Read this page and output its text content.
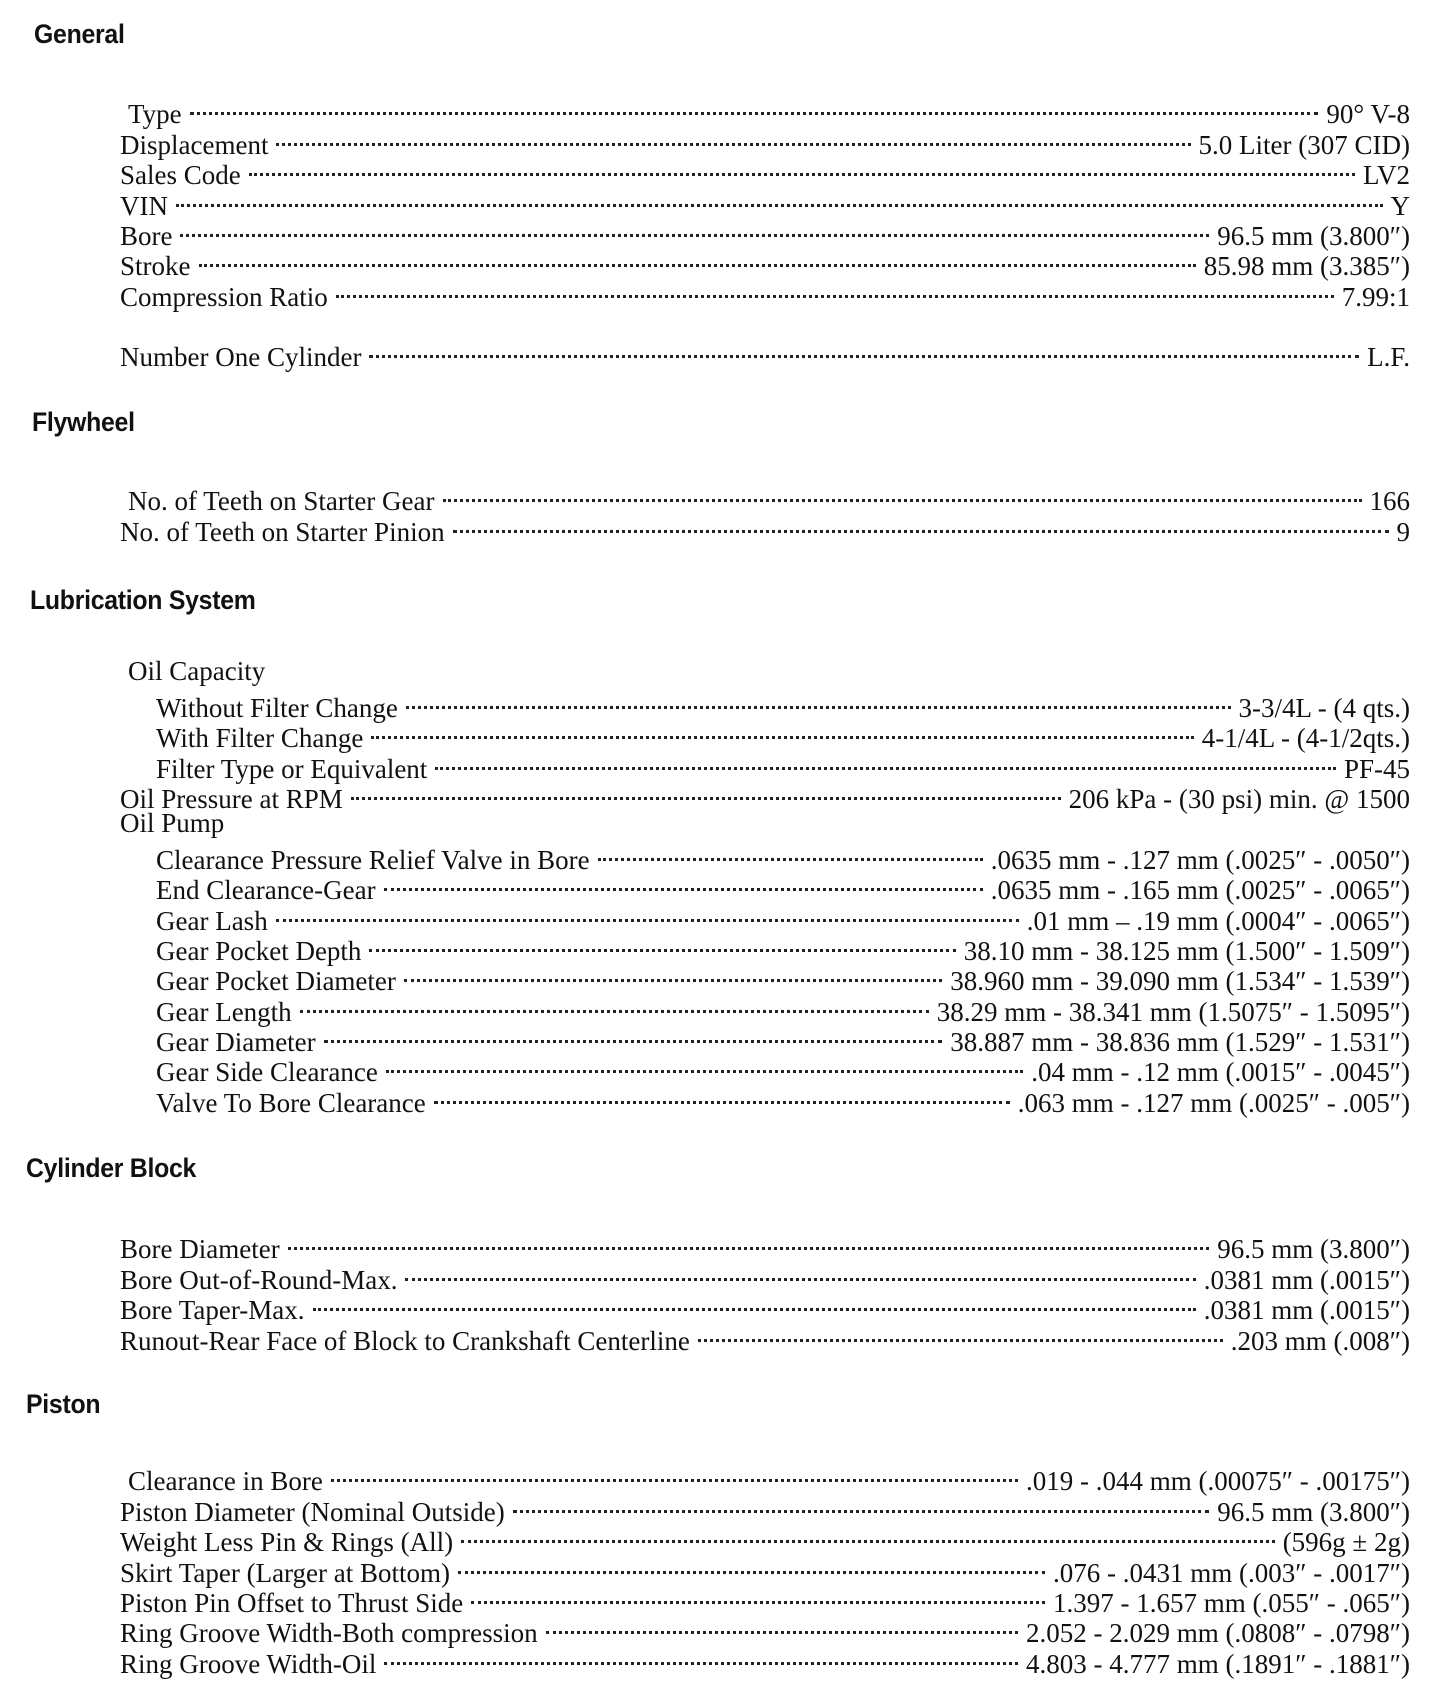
General
Type	90° V-8
Displacement	5.0 Liter (307 CID)
Sales Code	LV2
VIN	Y
Bore	96.5 mm (3.800″)
Stroke	85.98 mm (3.385″)
Compression Ratio	7.99:1
Number One Cylinder	L.F.
Flywheel
No. of Teeth on Starter Gear	166
No. of Teeth on Starter Pinion	9
Lubrication System
Oil Capacity
Without Filter Change	3-3/4L - (4 qts.)
With Filter Change	4-1/4L - (4-1/2qts.)
Filter Type or Equivalent	PF-45
Oil Pressure at RPM	206 kPa - (30 psi) min. @ 1500
Oil Pump
Clearance Pressure Relief Valve in Bore	.0635 mm - .127 mm (.0025″ - .0050″)
End Clearance-Gear	.0635 mm - .165 mm (.0025″ - .0065″)
Gear Lash	.01 mm – .19 mm (.0004″ - .0065″)
Gear Pocket Depth	38.10 mm - 38.125 mm (1.500″ - 1.509″)
Gear Pocket Diameter	38.960 mm - 39.090 mm (1.534″ - 1.539″)
Gear Length	38.29 mm - 38.341 mm (1.5075″ - 1.5095″)
Gear Diameter	38.887 mm - 38.836 mm (1.529″ - 1.531″)
Gear Side Clearance	.04 mm - .12 mm (.0015″ - .0045″)
Valve To Bore Clearance	.063 mm - .127 mm (.0025″ - .005″)
Cylinder Block
Bore Diameter	96.5 mm (3.800″)
Bore Out-of-Round-Max.	.0381 mm (.0015″)
Bore Taper-Max.	.0381 mm (.0015″)
Runout-Rear Face of Block to Crankshaft Centerline	.203 mm (.008″)
Piston
Clearance in Bore	.019 - .044 mm (.00075″ - .00175″)
Piston Diameter (Nominal Outside)	96.5 mm (3.800″)
Weight Less Pin & Rings (All)	(596g ± 2g)
Skirt Taper (Larger at Bottom)	.076 - .0431 mm (.003″ - .0017″)
Piston Pin Offset to Thrust Side	1.397 - 1.657 mm (.055″ - .065″)
Ring Groove Width-Both compression	2.052 - 2.029 mm (.0808″ - .0798″)
Ring Groove Width-Oil	4.803 - 4.777 mm (.1891″ - .1881″)
